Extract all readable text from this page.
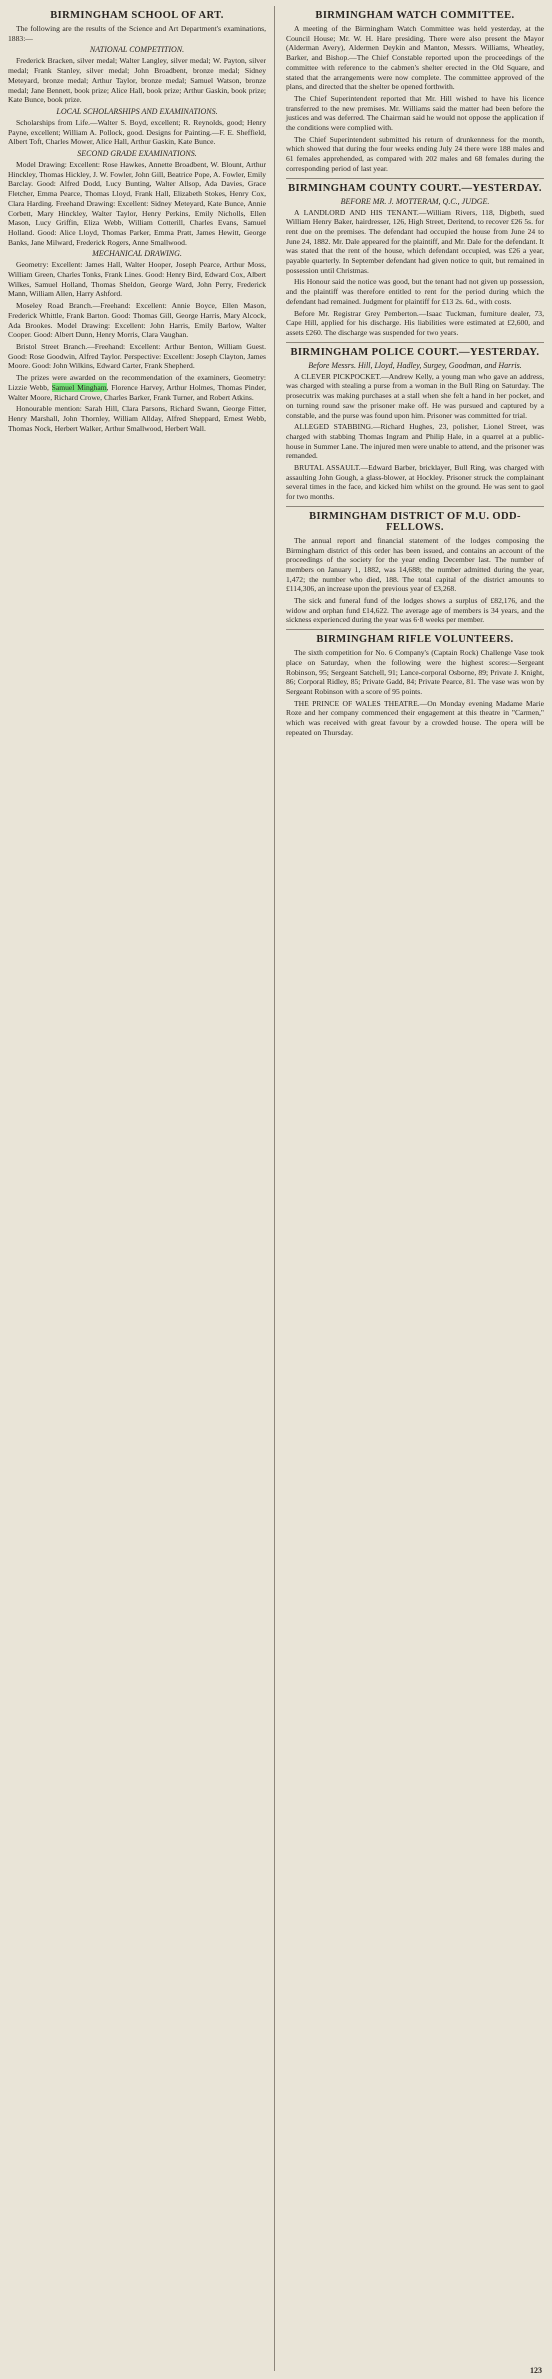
BIRMINGHAM SCHOOL OF ART.

The following are the results of the Science and Art Department's examinations, 1883:—

NATIONAL COMPETITION.

Frederick Bracken, silver medal; Walter Langley, silver medal; W. Payton, silver medal; Frank Stanley, silver medal; John Broadbent, bronze medal; Sidney Meteyard, bronze medal; Arthur Taylor, bronze medal; Samuel Watson, bronze medal; Jane Bennett, book prize; Alice Hall, book prize; Arthur Gaskin, book prize; Kate Bunce, book prize.

LOCAL SCHOLARSHIPS AND EXAMINATIONS.

Scholarships from Life.—Walter S. Boyd, excellent; R. Reynolds, good; Henry Payne, excellent; William A. Pollock, good. Designs for Painting.—F. E. Sheffield, Albert Toft, Charles Mower, Alice Hall, Arthur Gaskin, Kate Bunce.

SECOND GRADE EXAMINATIONS.

Model Drawing: Excellent: Rose Hawkes, Annette Broadbent, W. Blount, Arthur Hinckley, Thomas Hickley, J. W. Fowler, John Gill, Beatrice Pope, A. Fowler, Emily Barclay. Good: Alfred Dodd, Lucy Bunting, Walter Allsop, Ada Davies, Grace Fletcher, Emma Pearce, Thomas Lloyd, Frank Hall, Elizabeth Stokes, Henry Cox, Clara Harding. Freehand Drawing: Excellent: Sidney Meteyard, Kate Bunce, Annie Corbett, Mary Hinckley, Walter Taylor, Henry Perkins, Emily Nicholls, Ellen Mason, Lucy Griffin, Eliza Webb, William Cotterill, Charles Evans, Samuel Holland. Good: Alice Lloyd, Thomas Parker, Emma Pratt, James Hewitt, George Banks, Jane Milward, Frederick Rogers, Anne Smallwood.

MECHANICAL DRAWING.

Geometry: Excellent: James Hall, Walter Hooper, Joseph Pearce, Arthur Moss, William Green, Charles Tonks, Frank Lines. Good: Henry Bird, Edward Cox, Albert Wilkes, Samuel Holland, Thomas Sheldon, George Ward, John Perry, Frederick Mann, William Allen, Harry Ashford.

Moseley Road Branch.—Freehand: Excellent: Annie Boyce, Ellen Mason, Frederick Whittle, Frank Barton. Good: Thomas Gill, George Harris, Mary Alcock, Ada Brookes. Model Drawing: Excellent: John Harris, Emily Barlow, Walter Cooper. Good: Albert Dunn, Henry Morris, Clara Vaughan.

Bristol Street Branch.—Freehand: Excellent: Arthur Benton, William Guest. Good: Rose Goodwin, Alfred Taylor. Perspective: Excellent: Joseph Clayton, James Moore. Good: John Wilkins, Edward Carter, Frank Shepherd.

The prizes were awarded on the recommendation of the examiners, Geometry: Lizzie Webb, Samuel Mingham, Florence Harvey, Arthur Holmes, Thomas Pinder, Walter Moore, Richard Crowe, Charles Barker, Frank Turner, and Robert Atkins.

Honourable mention: Sarah Hill, Clara Parsons, Richard Swann, George Fitter, Henry Marshall, John Thornley, William Allday, Alfred Sheppard, Ernest Webb, Thomas Nock, Herbert Walker, Arthur Smallwood, Herbert Wall.

BIRMINGHAM WATCH COMMITTEE.

A meeting of the Birmingham Watch Committee was held yesterday, at the Council House; Mr. W. H. Hare presiding. There were also present the Mayor (Alderman Avery), Aldermen Deykin and Manton, Messrs. Williams, Wheatley, Barker, and Bishop.—The Chief Constable reported upon the proceedings of the committee with reference to the cabmen's shelter erected in the Old Square, and stated that the arrangements were now complete. The committee approved of the plans, and directed that the shelter be opened forthwith.

The Chief Superintendent reported that Mr. Hill wished to have his licence transferred to the new premises. Mr. Williams said the matter had been before the justices and was deferred. The Chairman said he would not oppose the application if the conditions were complied with.

The Chief Superintendent submitted his return of drunkenness for the month, which showed that during the four weeks ending July 24 there were 188 males and 61 females apprehended, as compared with 202 males and 68 females during the corresponding period of last year.

BIRMINGHAM COUNTY COURT.—YESTERDAY.
BEFORE MR. J. MOTTERAM, Q.C., JUDGE.

A LANDLORD AND HIS TENANT.—William Rivers, 118, Digbeth, sued William Henry Baker, hairdresser, 126, High Street, Deritend, to recover £26 5s. for rent due on the premises. The defendant had occupied the house from June 24 to June 24, 1882. Mr. Dale appeared for the plaintiff, and Mr. Dale for the defendant. It was stated that the rent of the house, which defendant occupied, was £26 a year, payable quarterly. In September defendant had given notice to quit, but remained in possession until Christmas.

His Honour said the notice was good, but the tenant had not given up possession, and the plaintiff was therefore entitled to rent for the period during which the defendant had remained. Judgment for plaintiff for £13 2s. 6d., with costs.

Before Mr. Registrar Grey Pemberton.—Isaac Tuckman, furniture dealer, 73, Cape Hill, applied for his discharge. His liabilities were estimated at £2,600, and assets £260. The discharge was suspended for two years.

BIRMINGHAM POLICE COURT.—YESTERDAY.
Before Messrs. Hill, Lloyd, Hadley, Surgey, Goodman, and Harris.

A CLEVER PICKPOCKET.—Andrew Kelly, a young man who gave an address, was charged with stealing a purse from a woman in the Bull Ring on Saturday. The prosecutrix was making purchases at a stall when she felt a hand in her pocket, and on turning round saw the prisoner make off. He was pursued and captured by a constable, and the purse was found upon him. Prisoner was committed for trial.

ALLEGED STABBING.—Richard Hughes, 23, polisher, Lionel Street, was charged with stabbing Thomas Ingram and Philip Hale, in a quarrel at a public-house in Summer Lane. The injured men were unable to attend, and the prisoner was remanded.

BRUTAL ASSAULT.—Edward Barber, bricklayer, Bull Ring, was charged with assaulting John Gough, a glass-blower, at Hockley. Prisoner struck the complainant several times in the face, and kicked him whilst on the ground. He was sent to gaol for two months.

BIRMINGHAM DISTRICT OF M.U. ODD-FELLOWS.

The annual report and financial statement of the lodges composing the Birmingham district of this order has been issued, and contains an account of the proceedings of the society for the year ending December last. The number of members on January 1, 1882, was 14,688; the number admitted during the year, 1,472; the number who died, 188. The total capital of the district amounts to £114,306, an increase upon the previous year of £3,268.

The sick and funeral fund of the lodges shows a surplus of £82,176, and the widow and orphan fund £14,622. The average age of members is 34 years, and the sickness experienced during the year was 6·8 weeks per member.

BIRMINGHAM RIFLE VOLUNTEERS.

The sixth competition for No. 6 Company's (Captain Rock) Challenge Vase took place on Saturday, when the following were the highest scores:—Sergeant Robinson, 95; Sergeant Satchell, 91; Lance-corporal Osborne, 89; Private J. Knight, 86; Corporal Ridley, 85; Private Gadd, 84; Private Pearce, 81. The vase was won by Sergeant Robinson with a score of 95 points.

THE PRINCE OF WALES THEATRE.—On Monday evening Madame Marie Roze and her company commenced their engagement at this theatre in "Carmen," which was received with great favour by a crowded house. The opera will be repeated on Thursday.

123
